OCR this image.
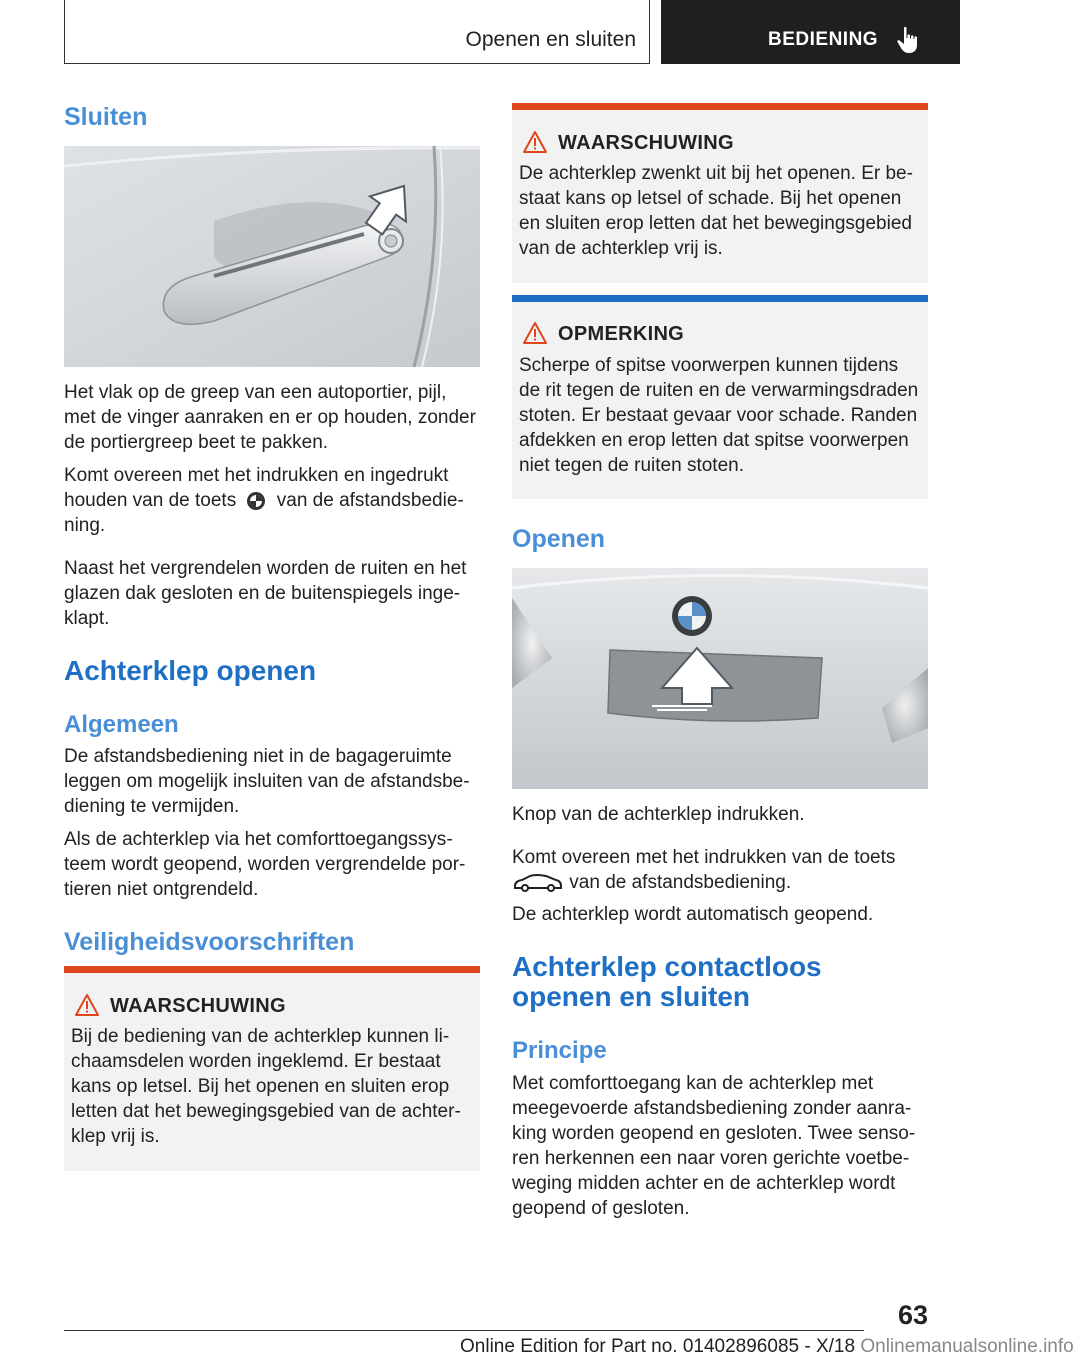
Openen en sluiten	BEDIENING
Sluiten

Het vlak op de greep van een autoportier, pijl, met de vinger aanraken en er op houden, zonder de portiergreep beet te pakken.

Komt overeen met het indrukken en ingedrukt houden van de toets van de afstandsbediening.

Naast het vergrendelen worden de ruiten en het glazen dak gesloten en de buitenspiegels ingeklapt.

Achterklep openen
Algemeen

De afstandsbediening niet in de bagageruimte leggen om mogelijk insluiten van de afstandsbediening te vermijden.

Als de achterklep via het comforttoegangssysteem wordt geopend, worden vergrendelde portieren niet ontgrendeld.

Veiligheidsvoorschriften
WAARSCHUWING
Bij de bediening van de achterklep kunnen lichaamsdelen worden ingeklemd. Er bestaat kans op letsel. Bij het openen en sluiten erop letten dat het bewegingsgebied van de achterklep vrij is.
WAARSCHUWING
De achterklep zwenkt uit bij het openen. Er bestaat kans op letsel of schade. Bij het openen en sluiten erop letten dat het bewegingsgebied van de achterklep vrij is.
OPMERKING
Scherpe of spitse voorwerpen kunnen tijdens de rit tegen de ruiten en de verwarmingsdraden stoten. Er bestaat gevaar voor schade. Randen afdekken en erop letten dat spitse voorwerpen niet tegen de ruiten stoten.
Openen

Knop van de achterklep indrukken.

Komt overeen met het indrukken van de toets  van de afstandsbediening.

De achterklep wordt automatisch geopend.

Achterklep contactloos openen en sluiten
Principe

Met comforttoegang kan de achterklep met meegevoerde afstandsbediening zonder aanraking worden geopend en gesloten. Twee sensoren herkennen een naar voren gerichte voetbeweging midden achter en de achterklep wordt geopend of gesloten.

63
Online Edition for Part no. 01402896085 - X/18 Onlinemanualsonline.info
